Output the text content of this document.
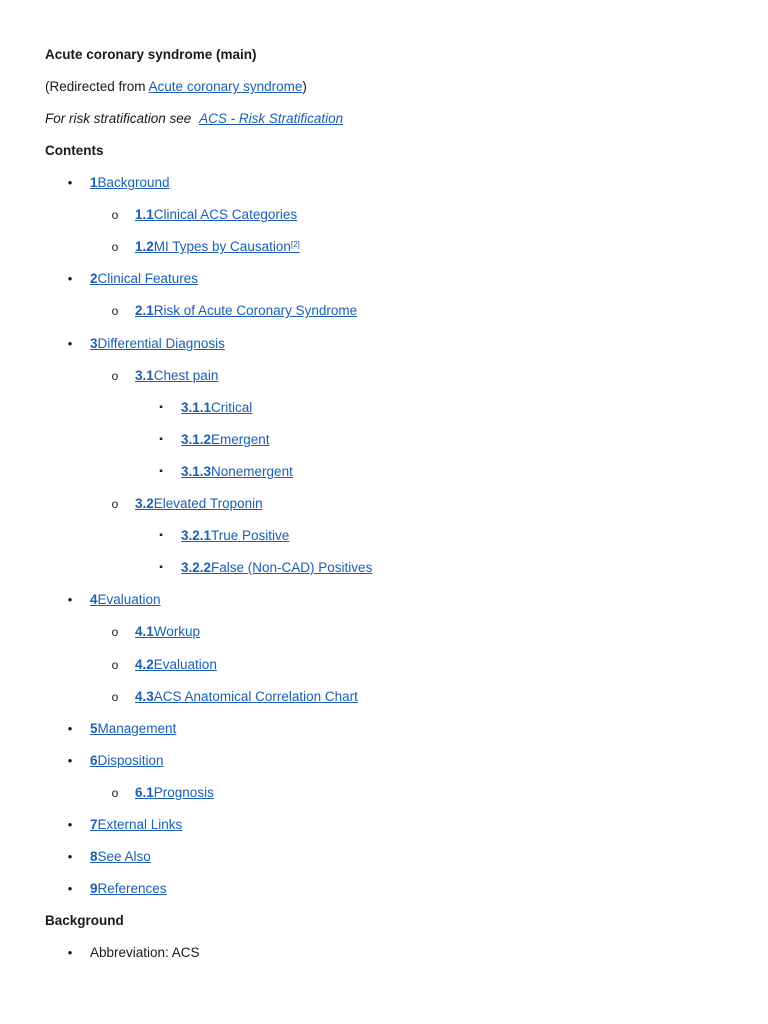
Acute coronary syndrome (main)
(Redirected from Acute coronary syndrome)
For risk stratification see ACS - Risk Stratification
Contents
• 1Background
o 1.1Clinical ACS Categories
o 1.2MI Types by Causation[2]
• 2Clinical Features
o 2.1Risk of Acute Coronary Syndrome
• 3Differential Diagnosis
o 3.1Chest pain
▪	3.1.1Critical
▪	3.1.2Emergent
▪	3.1.3Nonemergent
o 3.2Elevated Troponin
▪	3.2.1True Positive
▪	3.2.2False (Non-CAD) Positives
• 4Evaluation
o 4.1Workup
o 4.2Evaluation
o 4.3ACS Anatomical Correlation Chart
• 5Management
• 6Disposition
o 6.1Prognosis
• 7External Links
• 8See Also
• 9References
Background
• Abbreviation: ACS
